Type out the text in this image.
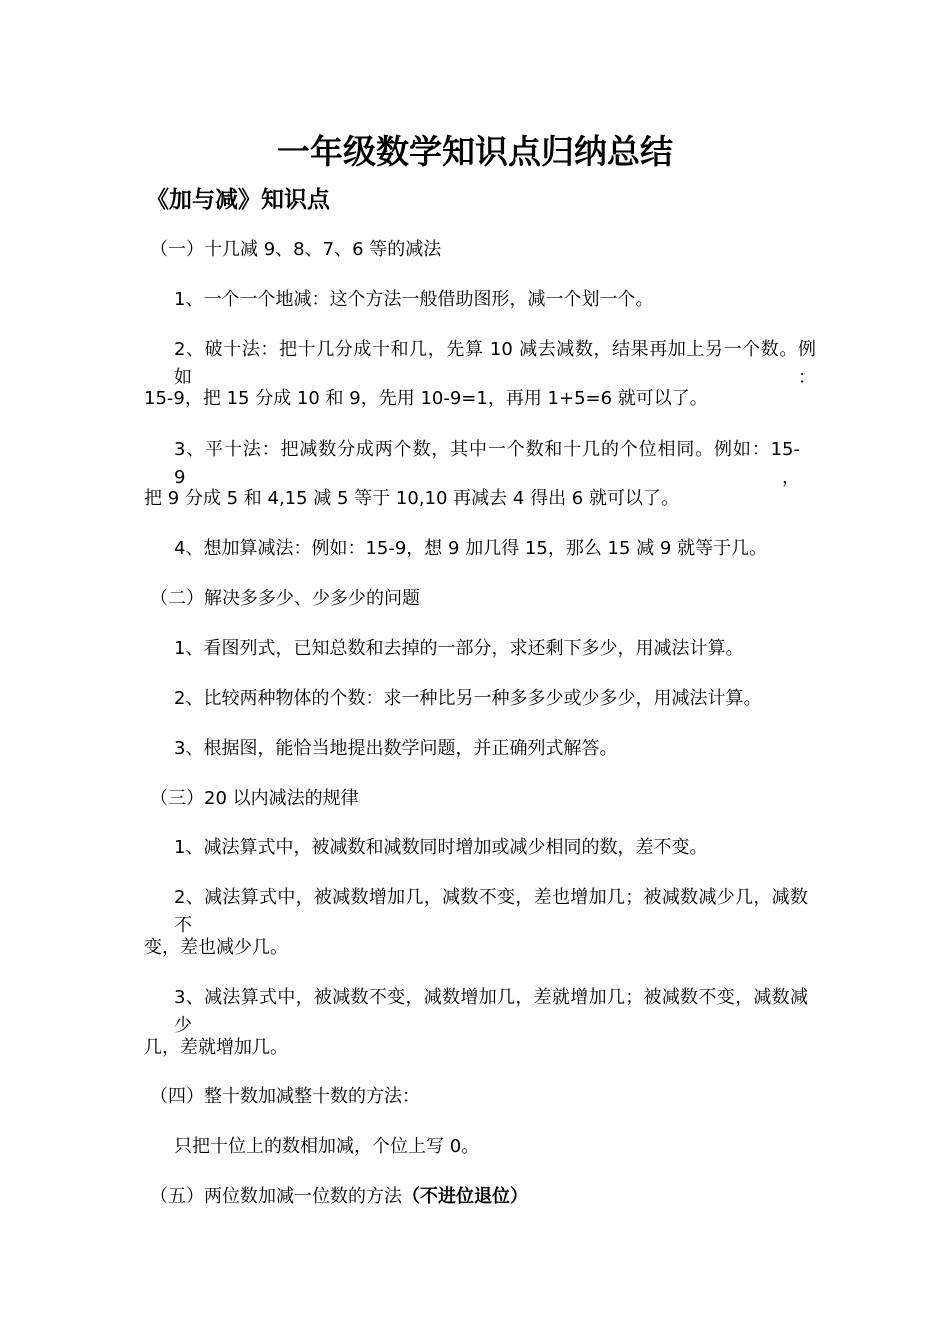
一年级数学知识点归纳总结
《加与减》知识点
（一）十几减 9、8、7、6 等的减法
1、一个一个地减：这个方法一般借助图形，减一个划一个。
2、破十法：把十几分成十和几，先算 10 减去减数，结果再加上另一个数。例如：
15-9，把 15 分成 10 和 9，先用 10-9=1，再用 1+5=6 就可以了。
3、平十法：把减数分成两个数，其中一个数和十几的个位相同。例如：15-9，
把 9 分成 5 和 4,15 减 5 等于 10,10 再减去 4 得出 6 就可以了。
4、想加算减法：例如：15-9，想 9 加几得 15，那么 15 减 9 就等于几。
（二）解决多多少、少多少的问题
1、看图列式，已知总数和去掉的一部分，求还剩下多少，用减法计算。
2、比较两种物体的个数：求一种比另一种多多少或少多少，用减法计算。
3、根据图，能恰当地提出数学问题，并正确列式解答。
（三）20 以内减法的规律
1、减法算式中，被减数和减数同时增加或减少相同的数，差不变。
2、减法算式中，被减数增加几，减数不变，差也增加几；被减数减少几，减数不
变，差也减少几。
3、减法算式中，被减数不变，减数增加几，差就增加几；被减数不变，减数减少
几，差就增加几。
（四）整十数加减整十数的方法：
只把十位上的数相加减，个位上写 0。
（五）两位数加减一位数的方法（不进位退位）
